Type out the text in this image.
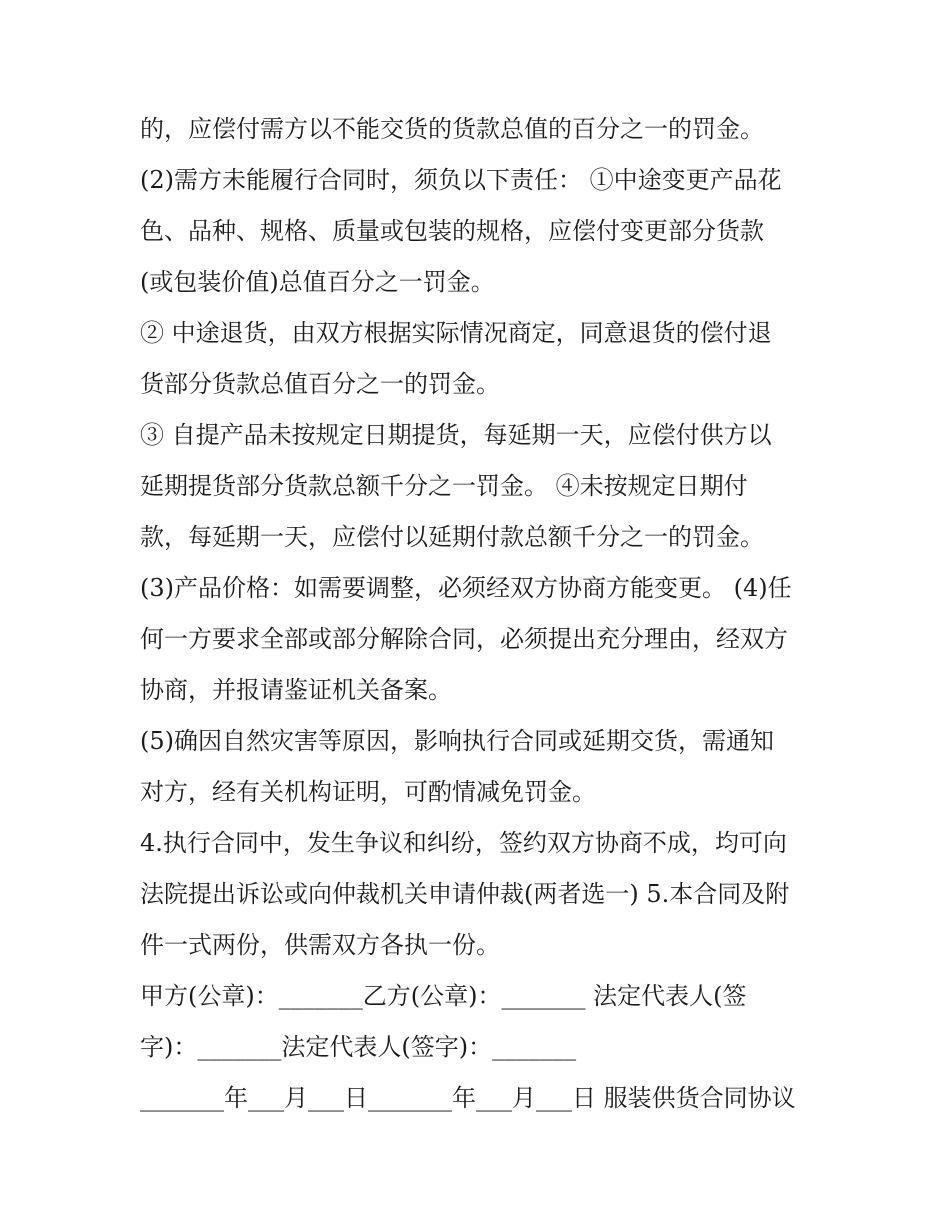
的，应偿付需方以不能交货的货款总值的百分之一的罚金。
(2)需方未能履行合同时，须负以下责任： ①中途变更产品花
色、品种、规格、质量或包装的规格，应偿付变更部分货款
(或包装价值)总值百分之一罚金。
② 中途退货，由双方根据实际情况商定，同意退货的偿付退
货部分货款总值百分之一的罚金。
③ 自提产品未按规定日期提货，每延期一天，应偿付供方以
延期提货部分货款总额千分之一罚金。 ④未按规定日期付
款，每延期一天，应偿付以延期付款总额千分之一的罚金。
(3)产品价格：如需要调整，必须经双方协商方能变更。 (4)任
何一方要求全部或部分解除合同，必须提出充分理由，经双方
协商，并报请鉴证机关备案。
(5)确因自然灾害等原因，影响执行合同或延期交货，需通知
对方，经有关机构证明，可酌情减免罚金。
4.执行合同中，发生争议和纠纷，签约双方协商不成，均可向
法院提出诉讼或向仲裁机关申请仲裁(两者选一) 5.本合同及附
件一式两份，供需双方各执一份。
甲方(公章)：_______乙方(公章)：_______ 法定代表人(签
字)：_______法定代表人(签字)：_______
_______年___月___日_______年___月___日 服装供货合同协议
